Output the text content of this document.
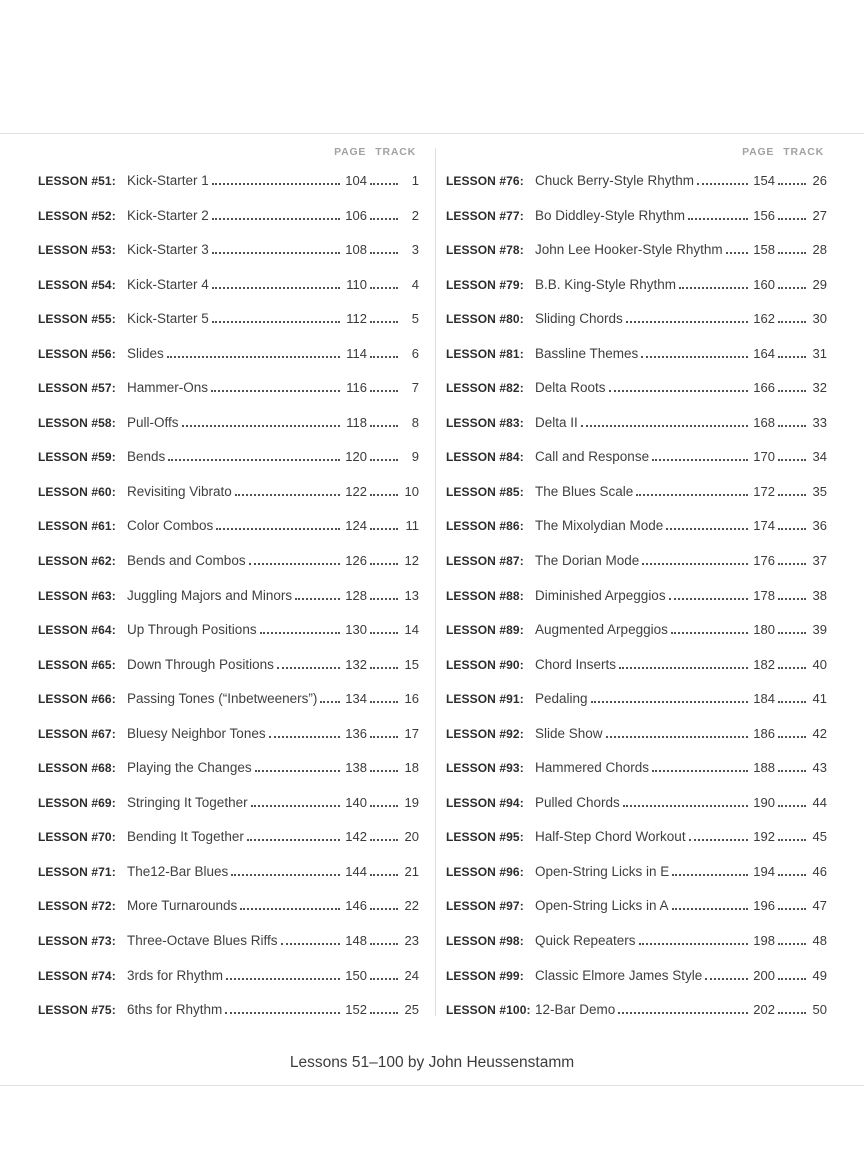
PAGE TRACK
LESSON #51: Kick-Starter 1	104	1
LESSON #52: Kick-Starter 2	106	2
LESSON #53: Kick-Starter 3	108	3
LESSON #54: Kick-Starter 4	110	4
LESSON #55: Kick-Starter 5	112	5
LESSON #56: Slides	114	6
LESSON #57: Hammer-Ons	116	7
LESSON #58: Pull-Offs	118	8
LESSON #59: Bends	120	9
LESSON #60: Revisiting Vibrato	122	10
LESSON #61: Color Combos	124	11
LESSON #62: Bends and Combos	126	12
LESSON #63: Juggling Majors and Minors	128	13
LESSON #64: Up Through Positions	130	14
LESSON #65: Down Through Positions	132	15
LESSON #66: Passing Tones (“Inbetweeners”) 134	16
LESSON #67: Bluesy Neighbor Tones	136	17
LESSON #68: Playing the Changes	138	18
LESSON #69: Stringing It Together	140	19
LESSON #70: Bending It Together	142	20
LESSON #71: The12-Bar Blues	144	21
LESSON #72: More Turnarounds	146	22
LESSON #73: Three-Octave Blues Riffs	148	23
LESSON #74: 3rds for Rhythm	150	24
LESSON #75: 6ths for Rhythm	152	25
PAGE TRACK
LESSON #76: Chuck Berry-Style Rhythm	154	26
LESSON #77: Bo Diddley-Style Rhythm	156	27
LESSON #78: John Lee Hooker-Style Rhythm 158	28
LESSON #79: B.B. King-Style Rhythm	160	29
LESSON #80: Sliding Chords	162	30
LESSON #81: Bassline Themes	164	31
LESSON #82: Delta Roots	166	32
LESSON #83: Delta II	168	33
LESSON #84: Call and Response	170	34
LESSON #85: The Blues Scale	172	35
LESSON #86: The Mixolydian Mode	174	36
LESSON #87: The Dorian Mode	176	37
LESSON #88: Diminished Arpeggios	178	38
LESSON #89: Augmented Arpeggios	180	39
LESSON #90: Chord Inserts	182	40
LESSON #91: Pedaling	184	41
LESSON #92: Slide Show	186	42
LESSON #93: Hammered Chords	188	43
LESSON #94: Pulled Chords	190	44
LESSON #95: Half-Step Chord Workout	192	45
LESSON #96: Open-String Licks in E	194	46
LESSON #97: Open-String Licks in A	196	47
LESSON #98: Quick Repeaters	198	48
LESSON #99: Classic Elmore James Style	200	49
LESSON #100: 12-Bar Demo	202	50
Lessons 51–100 by John Heussenstamm
